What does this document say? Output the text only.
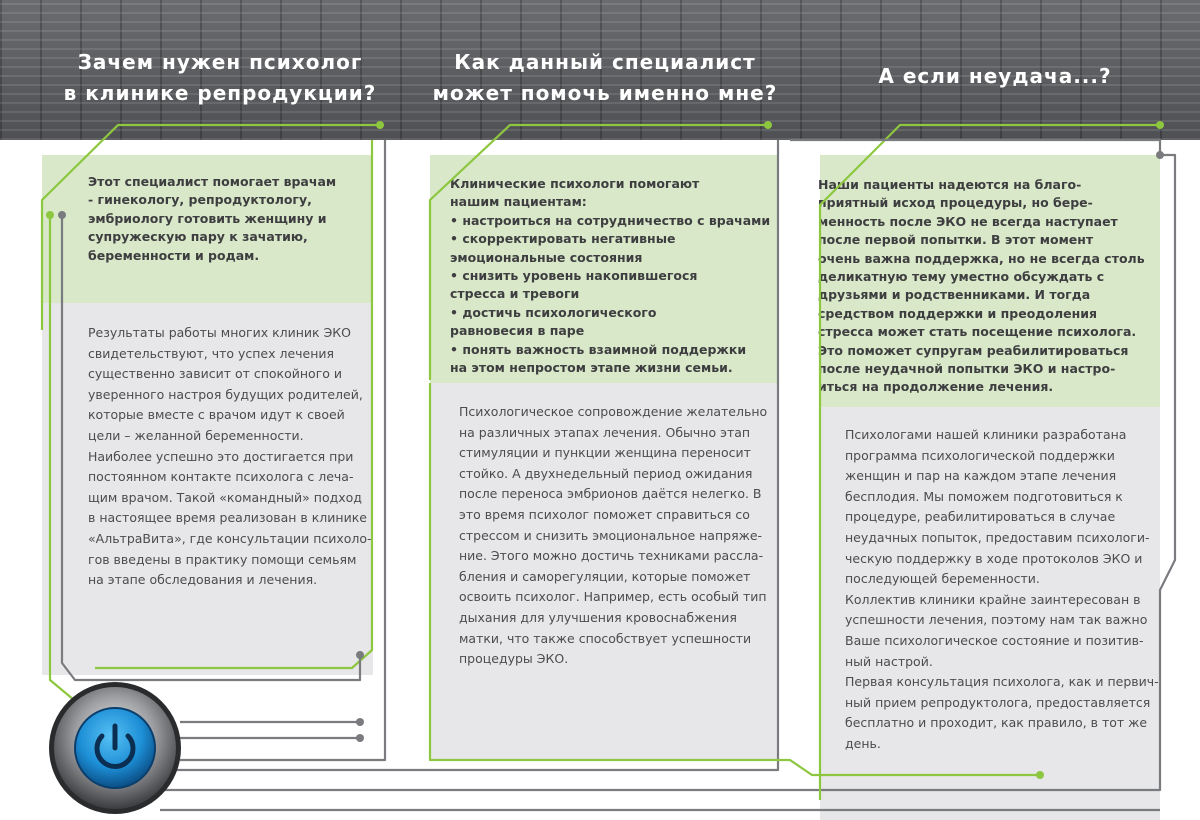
Зачем нужен психолог
в клинике репродукции?
Как данный специалист
может помочь именно мне?
А если неудача...?
Этот специалист помогает врачам
- гинекологу, репродуктологу,
эмбриологу готовить женщину и
супружескую пару к зачатию,
беременности и родам.
Результаты работы многих клиник ЭКО
свидетельствуют, что успех лечения
существенно зависит от спокойного и
уверенного настроя будущих родителей,
которые вместе с врачом идут к своей
цели – желанной беременности.
Наиболее успешно это достигается при
постоянном контакте психолога с леча-
щим врачом. Такой «командный» подход
в настоящее время реализован в клинике
«АльтраВита», где консультации психоло-
гов введены в практику помощи семьям
на этапе обследования и лечения.
Клинические психологи помогают
нашим пациентам:
• настроиться на сотрудничество с врачами
• скорректировать негативные
эмоциональные состояния
• снизить уровень накопившегося
стресса и тревоги
• достичь психологического
равновесия в паре
• понять важность взаимной поддержки
на этом непростом этапе жизни семьи.
Психологическое сопровождение желательно
на различных этапах лечения. Обычно этап
стимуляции и пункции женщина переносит
стойко. А двухнедельный период ожидания
после переноса эмбрионов даётся нелегко. В
это время психолог поможет справиться со
стрессом и снизить эмоциональное напряже-
ние. Этого можно достичь техниками рассла-
бления и саморегуляции, которые поможет
освоить психолог. Например, есть особый тип
дыхания для улучшения кровоснабжения
матки, что также способствует успешности
процедуры ЭКО.
Наши пациенты надеются на благо-
приятный исход процедуры, но бере-
менность после ЭКО не всегда наступает
после первой попытки. В этот момент
очень важна поддержка, но не всегда столь
деликатную тему уместно обсуждать с
друзьями и родственниками. И тогда
средством поддержки и преодоления
стресса может стать посещение психолога.
Это поможет супругам реабилитироваться
после неудачной попытки ЭКО и настро-
иться на продолжение лечения.
Психологами нашей клиники разработана
программа психологической поддержки
женщин и пар на каждом этапе лечения
бесплодия. Мы поможем подготовиться к
процедуре, реабилитироваться в случае
неудачных попыток, предоставим психологи-
ческую поддержку в ходе протоколов ЭКО и
последующей беременности.
Коллектив клиники крайне заинтересован в
успешности лечения, поэтому нам так важно
Ваше психологическое состояние и позитив-
ный настрой.
Первая консультация психолога, как и первич-
ный прием репродуктолога, предоставляется
бесплатно и проходит, как правило, в тот же
день.
